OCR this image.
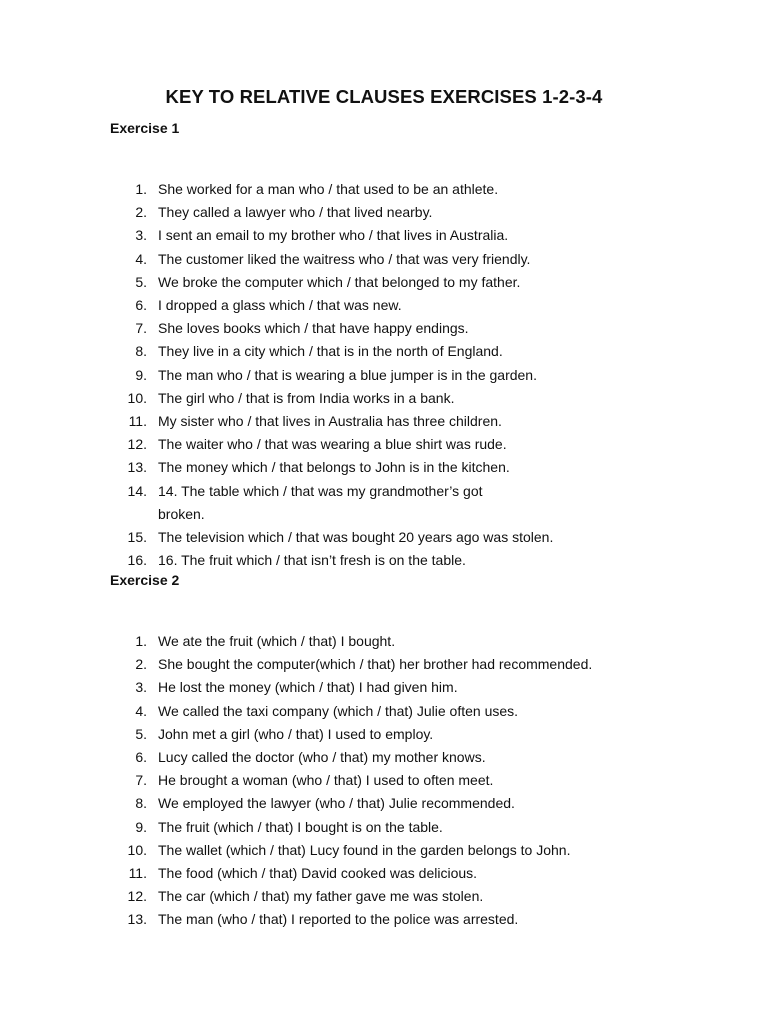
KEY TO RELATIVE CLAUSES EXERCISES 1-2-3-4
Exercise 1
1. She worked for a man who / that used to be an athlete.
2. They called a lawyer who / that lived nearby.
3. I sent an email to my brother who / that lives in Australia.
4. The customer liked the waitress who / that was very friendly.
5. We broke the computer which / that belonged to my father.
6. I dropped a glass which / that was new.
7. She loves books which / that have happy endings.
8. They live in a city which / that is in the north of England.
9. The man who / that is wearing a blue jumper is in the garden.
10. The girl who / that is from India works in a bank.
11. My sister who / that lives in Australia has three children.
12. The waiter who / that was wearing a blue shirt was rude.
13. The money which / that belongs to John is in the kitchen.
14. 14. The table which / that was my grandmother’s got broken.
15. The television which / that was bought 20 years ago was stolen.
16. 16. The fruit which / that isn’t fresh is on the table.
Exercise 2
1. We ate the fruit (which / that) I bought.
2. She bought the computer(which / that) her brother had recommended.
3. He lost the money (which / that) I had given him.
4. We called the taxi company (which / that) Julie often uses.
5. John met a girl (who / that) I used to employ.
6. Lucy called the doctor (who / that) my mother knows.
7. He brought a woman (who / that) I used to often meet.
8. We employed the lawyer (who / that) Julie recommended.
9. The fruit (which / that) I bought is on the table.
10. The wallet (which / that) Lucy found in the garden belongs to John.
11. The food (which / that) David cooked was delicious.
12. The car (which / that) my father gave me was stolen.
13. The man (who / that) I reported to the police was arrested.
